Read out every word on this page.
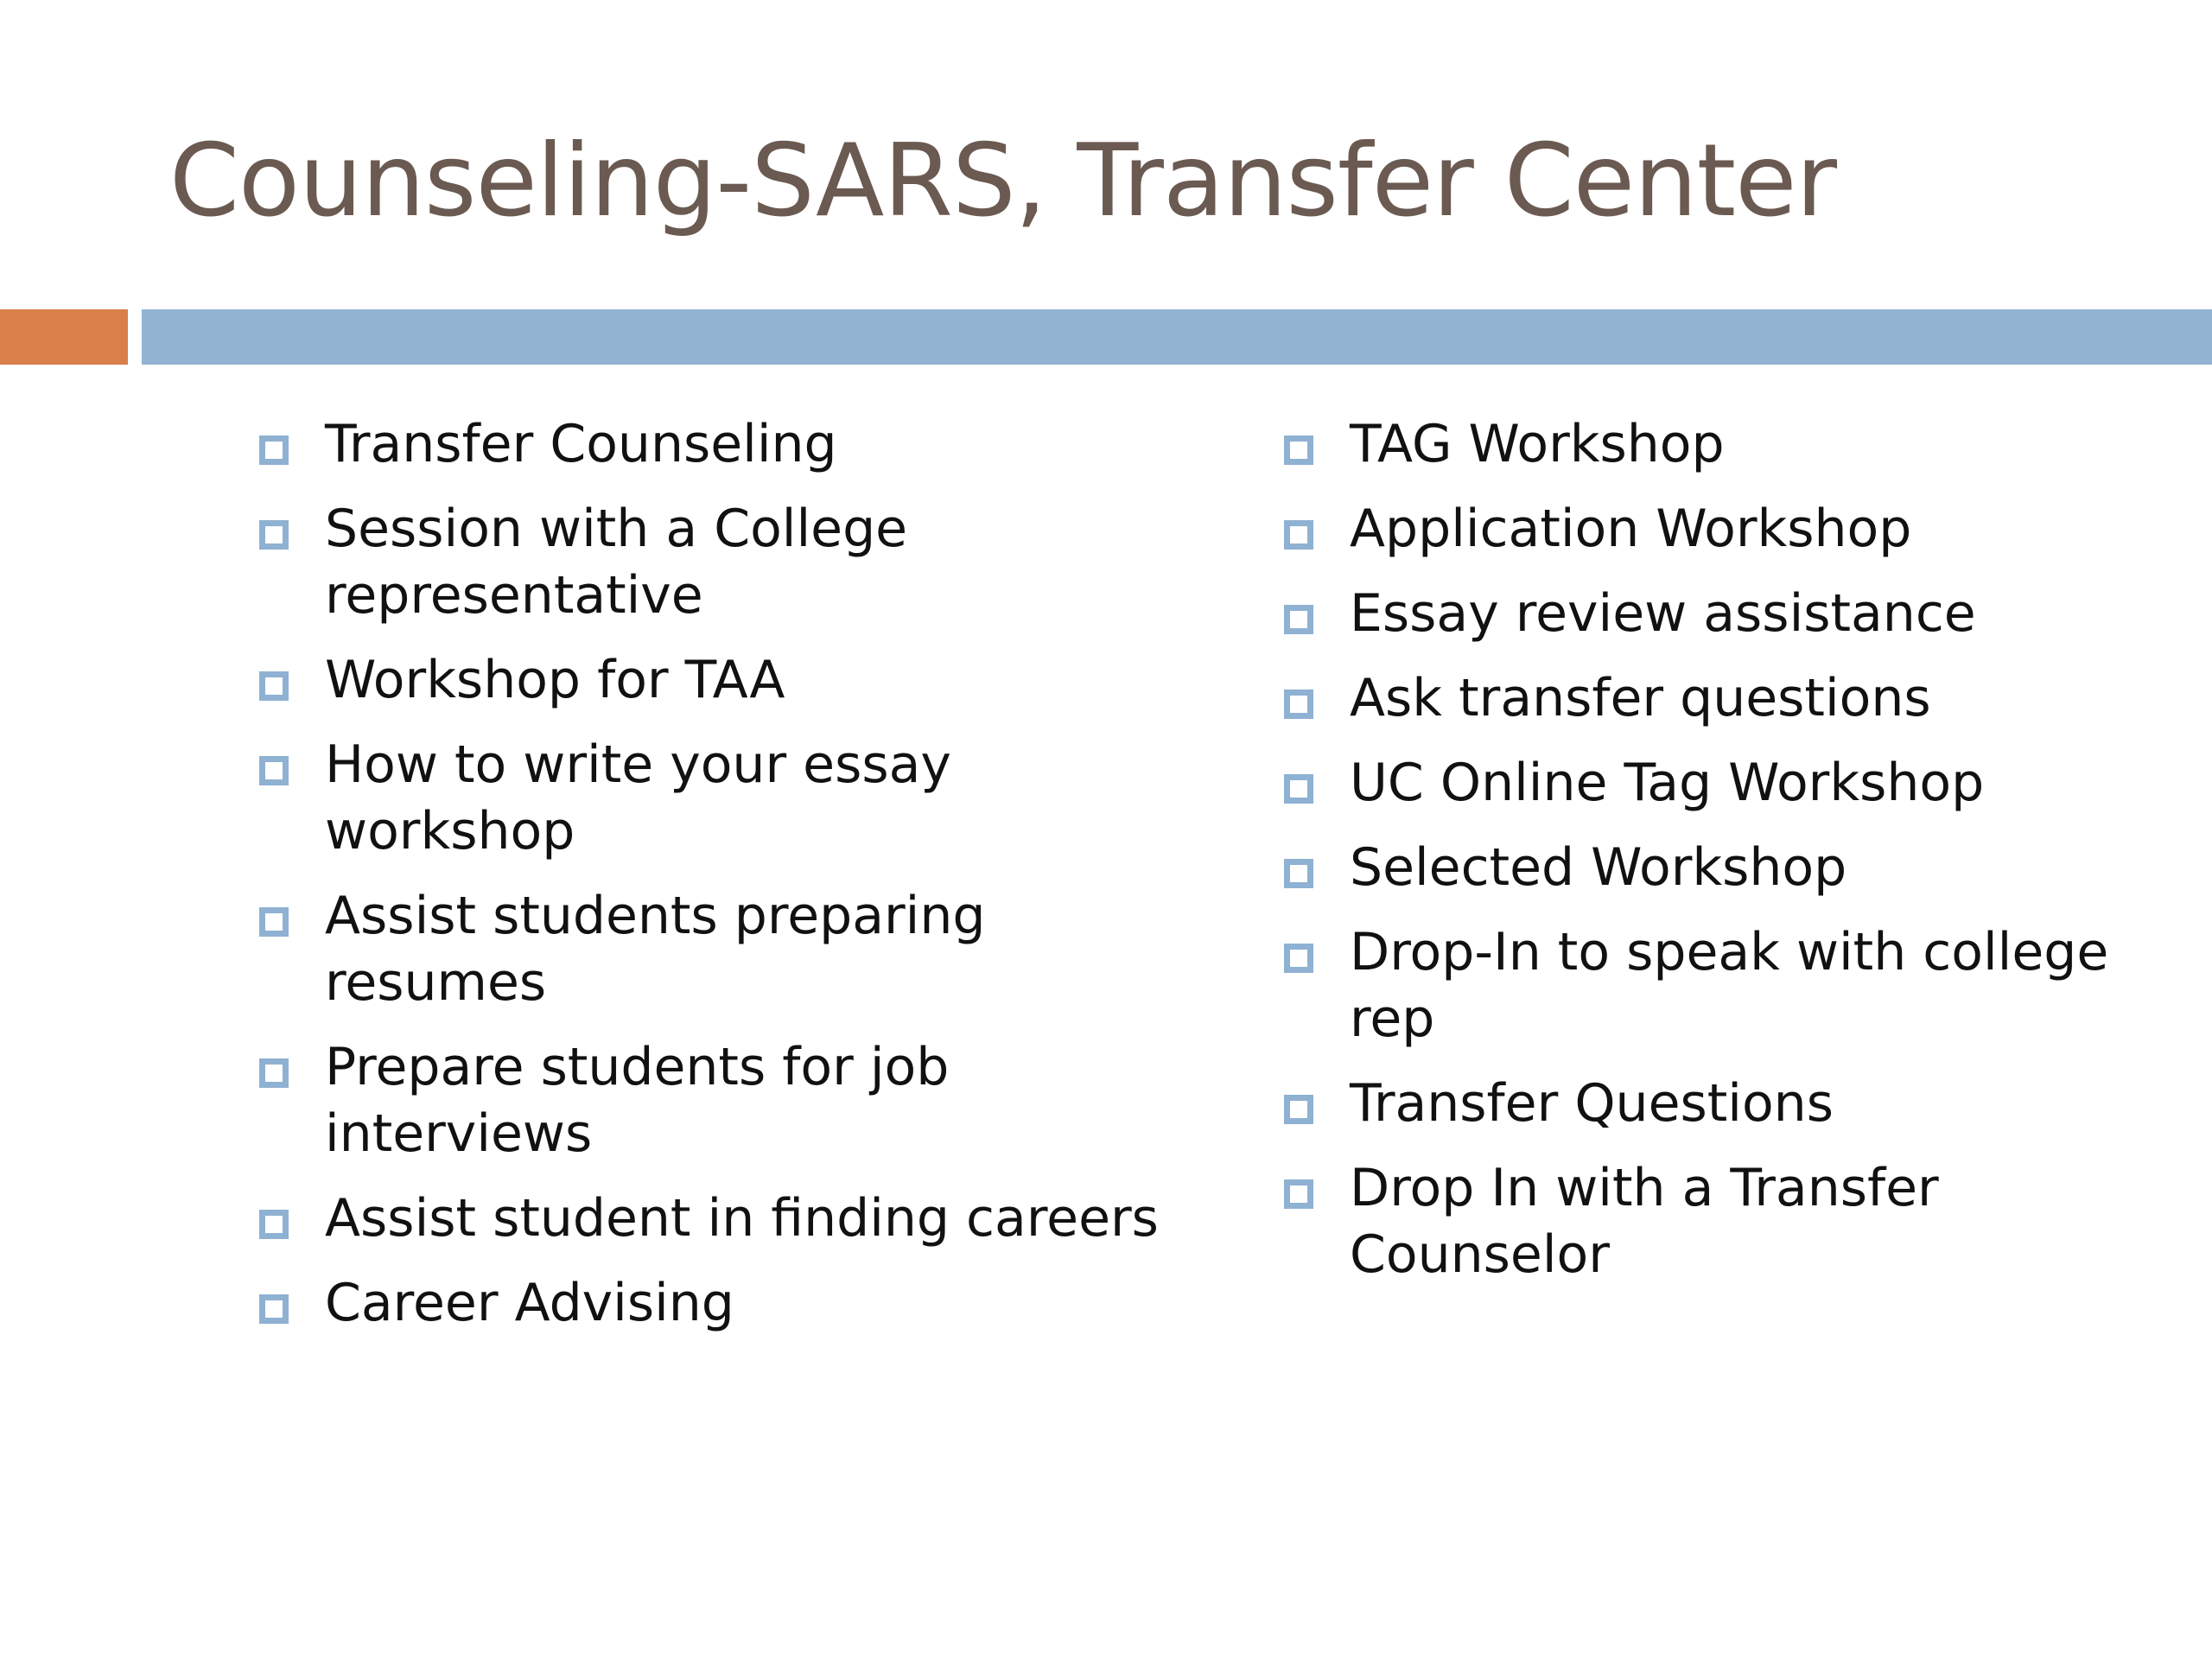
Counseling-SARS, Transfer Center
Transfer Counseling
Session with a College representative
Workshop for TAA
How to write your essay workshop
Assist students preparing resumes
Prepare students for job interviews
Assist student in finding careers
Career Advising
TAG Workshop
Application Workshop
Essay review assistance
Ask transfer questions
UC Online Tag Workshop
Selected Workshop
Drop-In to speak with college rep
Transfer Questions
Drop In with a Transfer Counselor
